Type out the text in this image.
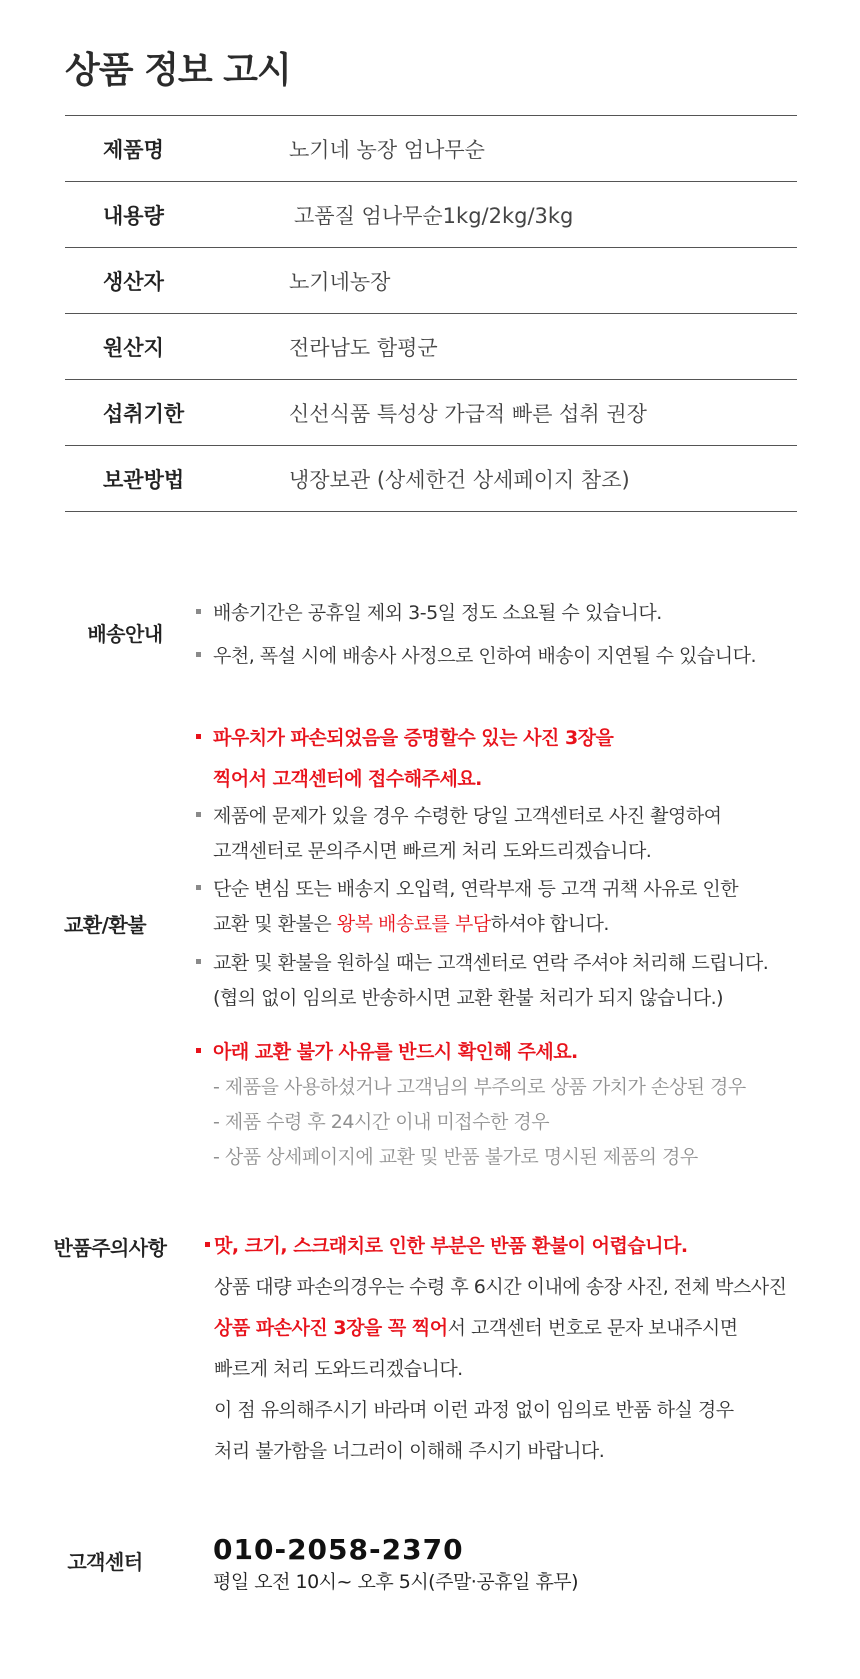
상품 정보 고시
제품명	노기네 농장 엄나무순
내용량	고품질 엄나무순1kg/2kg/3kg
생산자	노기네농장
원산지	전라남도 함평군
섭취기한	신선식품 특성상 가급적 빠른 섭취 권장
보관방법	냉장보관 (상세한건 상세페이지 참조)
배송안내
배송기간은 공휴일 제외 3-5일 정도 소요될 수 있습니다.
우천, 폭설 시에 배송사 사정으로 인하여 배송이 지연될 수 있습니다.
교환/환불
파우치가 파손되었음을 증명할수 있는 사진 3장을
찍어서 고객센터에 접수해주세요.
제품에 문제가 있을 경우 수령한 당일 고객센터로 사진 촬영하여
고객센터로 문의주시면 빠르게 처리 도와드리겠습니다.
단순 변심 또는 배송지 오입력, 연락부재 등 고객 귀책 사유로 인한
교환 및 환불은 왕복 배송료를 부담하셔야 합니다.
교환 및 환불을 원하실 때는 고객센터로 연락 주셔야 처리해 드립니다.
(협의 없이 임의로 반송하시면 교환 환불 처리가 되지 않습니다.)
아래 교환 불가 사유를 반드시 확인해 주세요.
- 제품을 사용하셨거나 고객님의 부주의로 상품 가치가 손상된 경우
- 제품 수령 후 24시간 이내 미접수한 경우
- 상품 상세페이지에 교환 및 반품 불가로 명시된 제품의 경우
반품주의사항	맛, 크기, 스크래치로 인한 부분은 반품 환불이 어렵습니다.
상품 대량 파손의경우는 수령 후 6시간 이내에 송장 사진, 전체 박스사진
상품 파손사진 3장을 꼭 찍어서 고객센터 번호로 문자 보내주시면
빠르게 처리 도와드리겠습니다.
이 점 유의해주시기 바라며 이런 과정 없이 임의로 반품 하실 경우
처리 불가함을 너그러이 이해해 주시기 바랍니다.
고객센터	010-2058-2370
평일 오전 10시~ 오후 5시(주말·공휴일 휴무)
